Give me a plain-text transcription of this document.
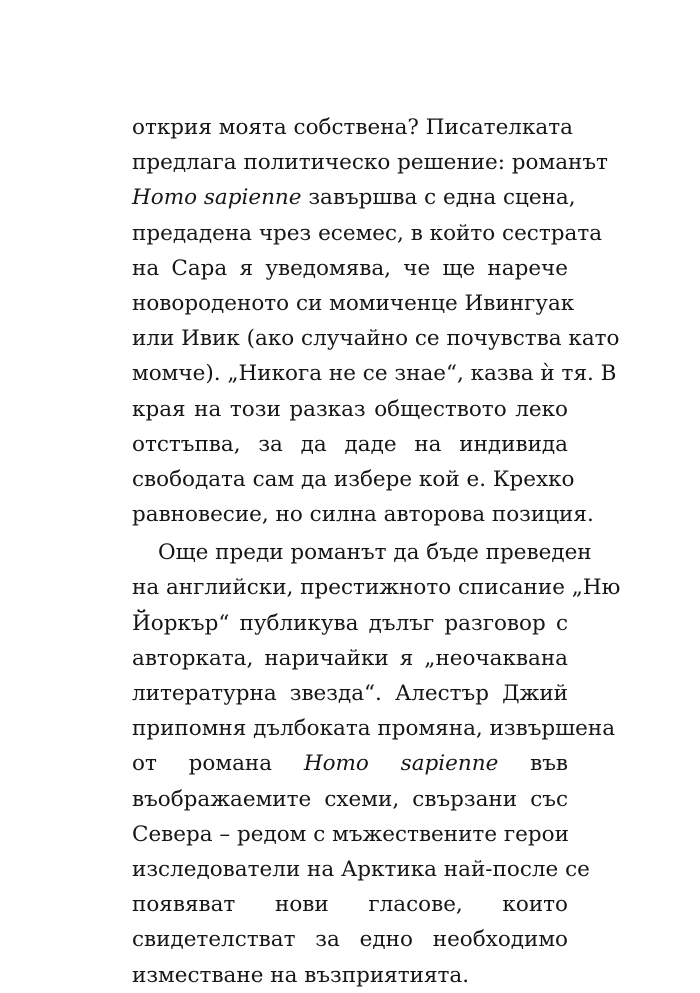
открия моята собствена? Писателката
предлага политическо решение: романът
Homo sapienne завършва с една сцена,
предадена чрез есемес, в който сестрата
на Сара я уведомява, че ще нарече
новороденото си момиченце Ивингуак
или Ивик (ако случайно се почувства като
момче). „Никога не се знае“, казва ѝ тя. В
края на този разказ обществото леко
отстъпва, за да даде на индивида
свободата сам да избере кой е. Крехко
равновесие, но силна авторова позиция.
Още преди романът да бъде преведен
на английски, престижното списание „Ню
Йоркър“ публикува дълъг разговор с
авторката, наричайки я „неочаквана
литературна звезда“. Алестър Джий
припомня дълбоката промяна, извършена
от романа Homo sapienne във
въображаемите схеми, свързани със
Севера – редом с мъжествените герои
изследователи на Арктика най-после се
появяват нови гласове, които
свидетелстват за едно необходимо
изместване на възприятията.
